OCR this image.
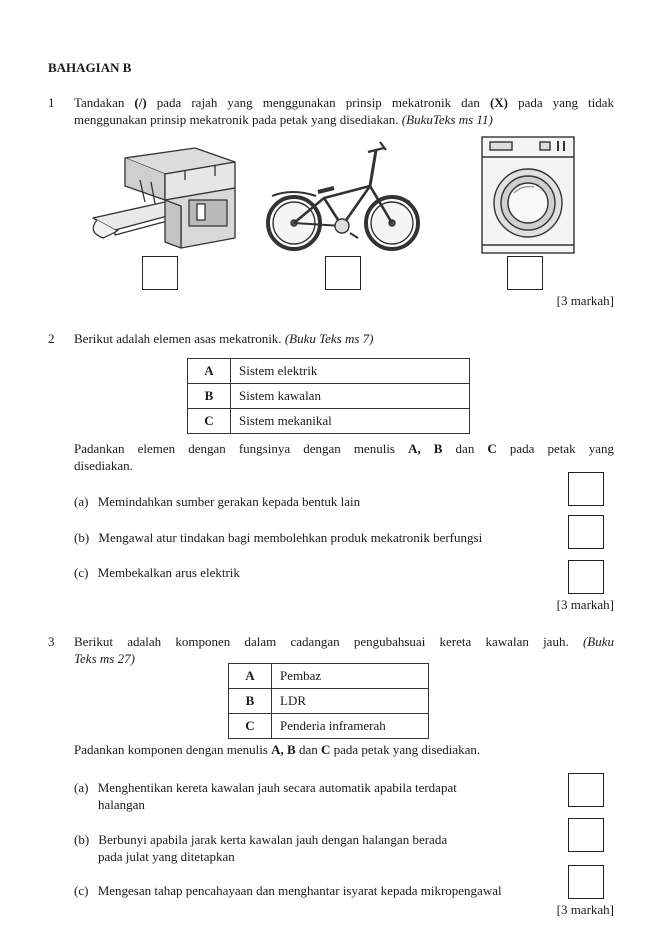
BAHAGIAN B
1 Tandakan (/) pada rajah yang menggunakan prinsip mekatronik dan (X) pada yang tidak
menggunakan prinsip mekatronik pada petak yang disediakan. (BukuTeks ms 11)
[3 markah]
2 Berikut adalah elemen asas mekatronik. (Buku Teks ms 7)
A	Sistem elektrik
B	Sistem kawalan
C	Sistem mekanikal
Padankan elemen dengan fungsinya dengan menulis A, B dan C pada petak yang
disediakan.
(a) Memindahkan sumber gerakan kepada bentuk lain
(b) Mengawal atur tindakan bagi membolehkan produk mekatronik berfungsi
(c) Membekalkan arus elektrik
[3 markah]
3 Berikut adalah komponen dalam cadangan pengubahsuai kereta kawalan jauh. (Buku
Teks ms 27)
A	Pembaz
B	LDR
C	Penderia inframerah
Padankan komponen dengan menulis A, B dan C pada petak yang disediakan.
(a) Menghentikan kereta kawalan jauh secara automatik apabila terdapat
halangan
(b) Berbunyi apabila jarak kerta kawalan jauh dengan halangan berada
pada julat yang ditetapkan
(c) Mengesan tahap pencahayaan dan menghantar isyarat kepada mikropengawal
[3 markah]
